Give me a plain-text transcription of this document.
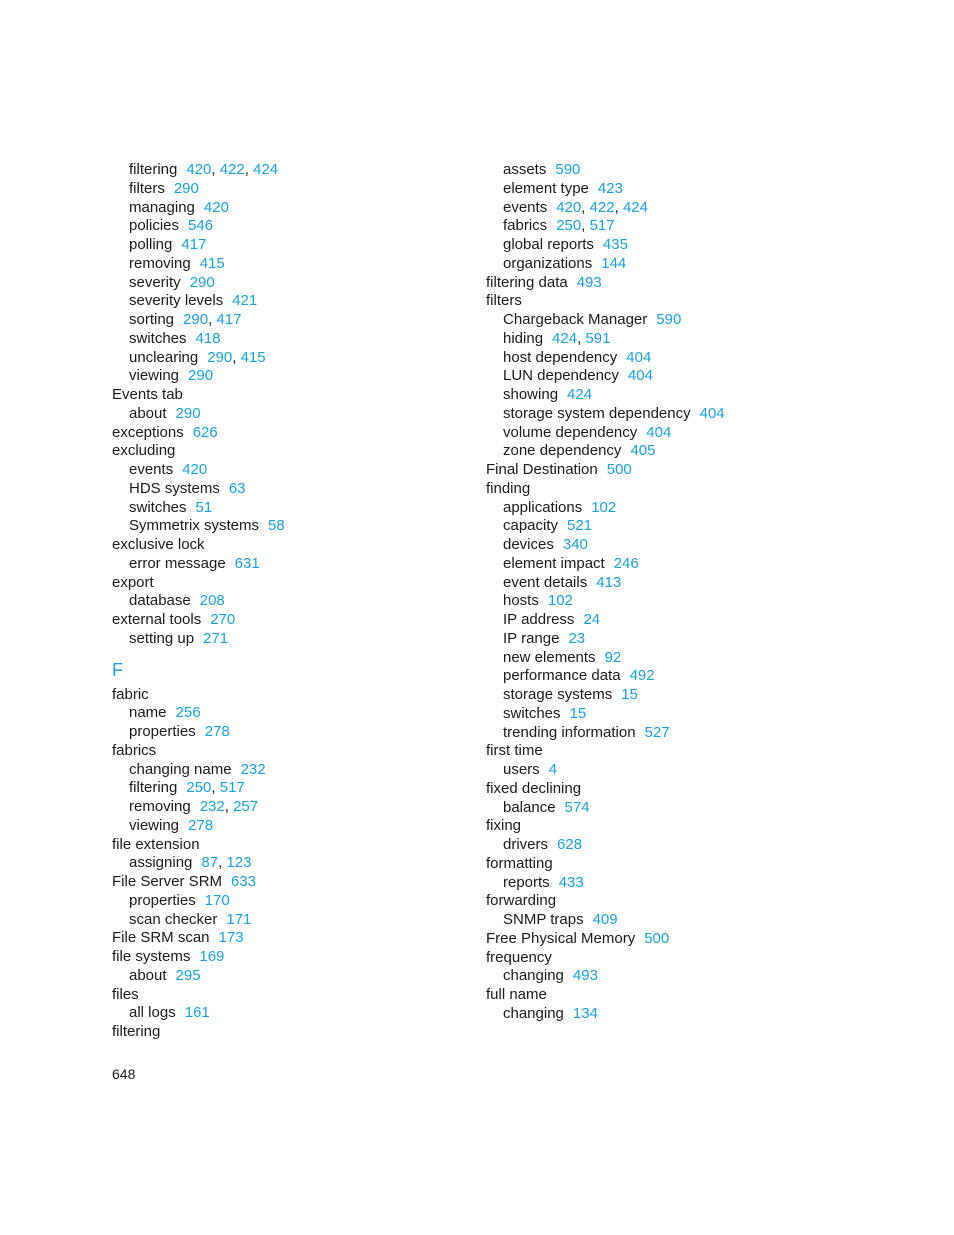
filtering 420, 422, 424
filters 290
managing 420
policies 546
polling 417
removing 415
severity 290
severity levels 421
sorting 290, 417
switches 418
unclearing 290, 415
viewing 290
Events tab
about 290
exceptions 626
excluding
events 420
HDS systems 63
switches 51
Symmetrix systems 58
exclusive lock
error message 631
export
database 208
external tools 270
setting up 271
F
fabric
name 256
properties 278
fabrics
changing name 232
filtering 250, 517
removing 232, 257
viewing 278
file extension
assigning 87, 123
File Server SRM 633
properties 170
scan checker 171
File SRM scan 173
file systems 169
about 295
files
all logs 161
filtering
assets 590
element type 423
events 420, 422, 424
fabrics 250, 517
global reports 435
organizations 144
filtering data 493
filters
Chargeback Manager 590
hiding 424, 591
host dependency 404
LUN dependency 404
showing 424
storage system dependency 404
volume dependency 404
zone dependency 405
Final Destination 500
finding
applications 102
capacity 521
devices 340
element impact 246
event details 413
hosts 102
IP address 24
IP range 23
new elements 92
performance data 492
storage systems 15
switches 15
trending information 527
first time
users 4
fixed declining
balance 574
fixing
drivers 628
formatting
reports 433
forwarding
SNMP traps 409
Free Physical Memory 500
frequency
changing 493
full name
changing 134
648
